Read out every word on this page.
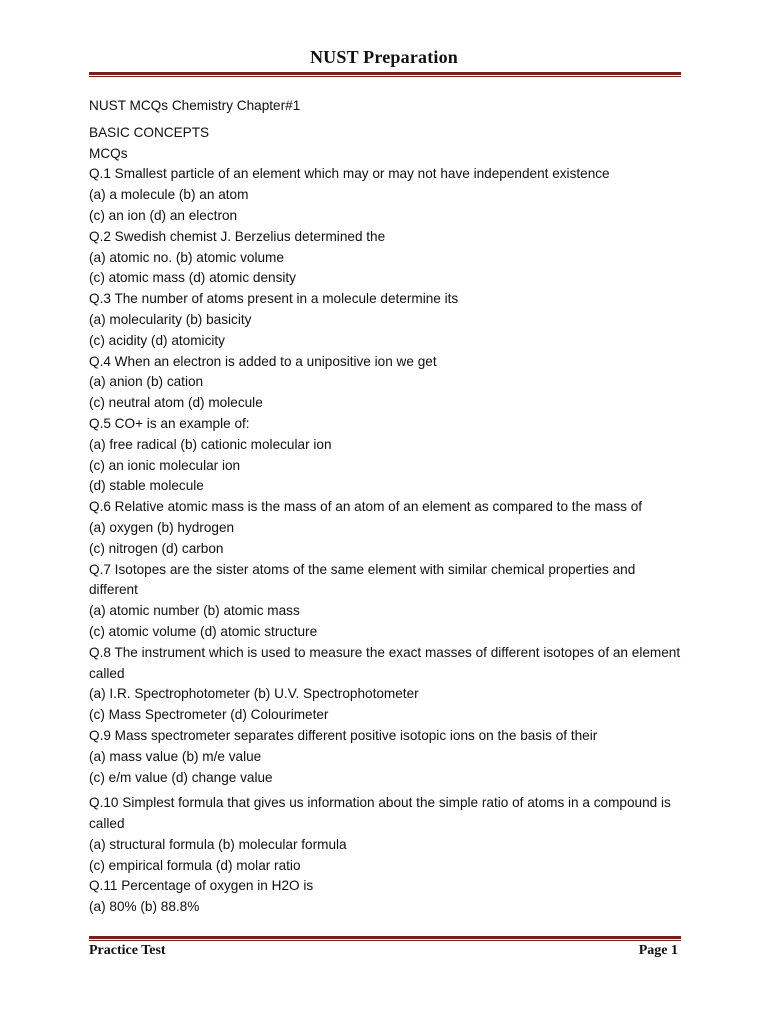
NUST Preparation
NUST MCQs Chemistry Chapter#1
BASIC CONCEPTS
MCQs
Q.1 Smallest particle of an element which may or may not have independent existence
(a) a molecule (b) an atom
(c) an ion (d) an electron
Q.2 Swedish chemist J. Berzelius determined the
(a) atomic no. (b) atomic volume
(c) atomic mass (d) atomic density
Q.3 The number of atoms present in a molecule determine its
(a) molecularity (b) basicity
(c) acidity (d) atomicity
Q.4 When an electron is added to a unipositive ion we get
(a) anion (b) cation
(c) neutral atom (d) molecule
Q.5 CO+ is an example of:
(a) free radical (b) cationic molecular ion
(c) an ionic molecular ion
(d) stable molecule
Q.6 Relative atomic mass is the mass of an atom of an element as compared to the mass of
(a) oxygen (b) hydrogen
(c) nitrogen (d) carbon
Q.7 Isotopes are the sister atoms of the same element with similar chemical properties and different
(a) atomic number (b) atomic mass
(c) atomic volume (d) atomic structure
Q.8 The instrument which is used to measure the exact masses of different isotopes of an element called
(a) I.R. Spectrophotometer (b) U.V. Spectrophotometer
(c) Mass Spectrometer (d) Colourimeter
Q.9 Mass spectrometer separates different positive isotopic ions on the basis of their
(a) mass value (b) m/e value
(c) e/m value (d) change value
Q.10 Simplest formula that gives us information about the simple ratio of atoms in a compound is called
(a) structural formula (b) molecular formula
(c) empirical formula (d) molar ratio
Q.11 Percentage of oxygen in H2O is
(a) 80% (b) 88.8%
Practice Test	Page 1
